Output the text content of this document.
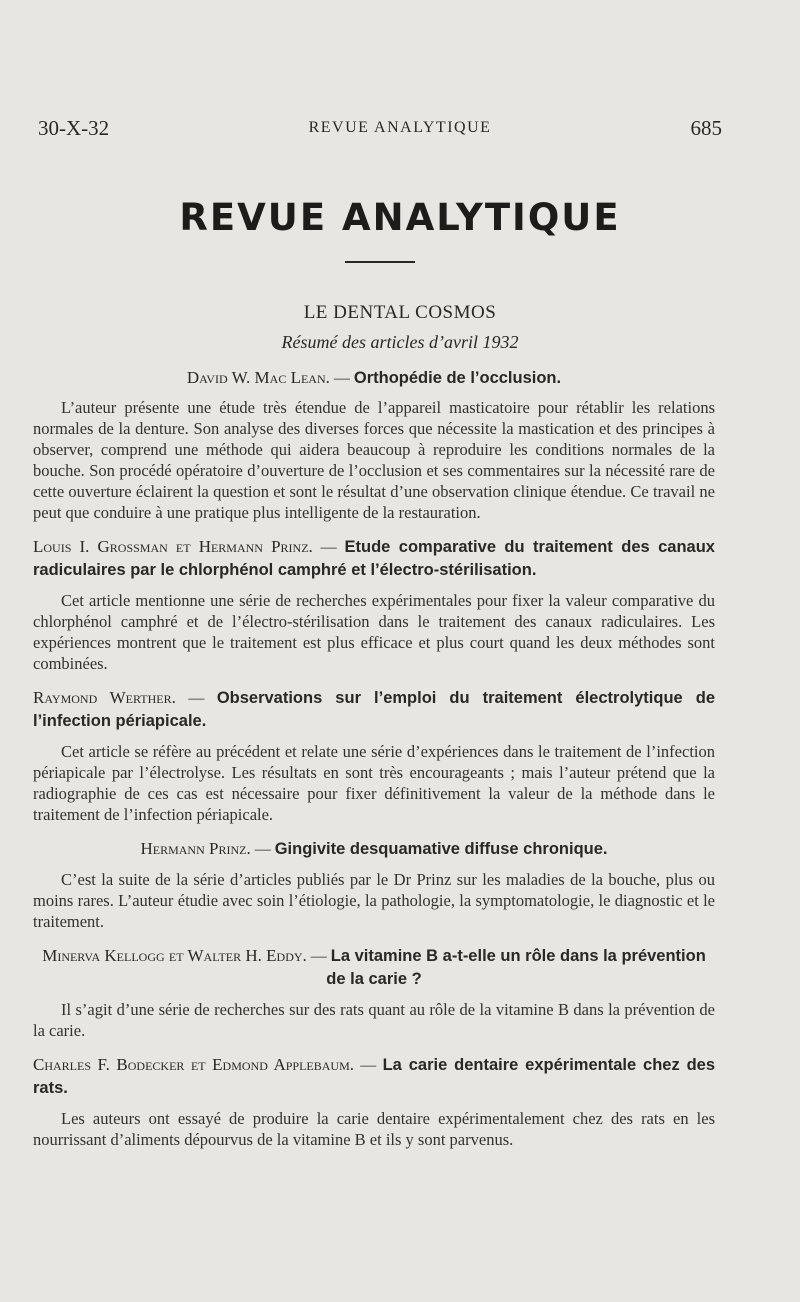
30-X-32	REVUE ANALYTIQUE	685
REVUE ANALYTIQUE
LE DENTAL COSMOS
Résumé des articles d’avril 1932

David W. Mac Lean. — Orthopédie de l’occlusion.

L’auteur présente une étude très étendue de l’appareil masticatoire pour rétablir les relations normales de la denture. Son analyse des diverses forces que nécessite la mastication et des principes à observer, comprend une méthode qui aidera beaucoup à reproduire les conditions normales de la bouche. Son procédé opératoire d’ouverture de l’occlusion et ses commentaires sur la nécessité rare de cette ouverture éclairent la question et sont le résultat d’une observation clinique étendue. Ce travail ne peut que conduire à une pratique plus intelligente de la restauration.

Louis I. Grossman et Hermann Prinz. — Etude comparative du traitement des canaux radiculaires par le chlorphénol camphré et l’électro-stérilisation.

Cet article mentionne une série de recherches expérimentales pour fixer la valeur comparative du chlorphénol camphré et de l’électro-stérilisation dans le traitement des canaux radiculaires. Les expériences montrent que le traitement est plus efficace et plus court quand les deux méthodes sont combinées.

Raymond Werther. — Observations sur l’emploi du traitement électrolytique de l’infection périapicale.

Cet article se réfère au précédent et relate une série d’expériences dans le traitement de l’infection périapicale par l’électrolyse. Les résultats en sont très encourageants ; mais l’auteur prétend que la radiographie de ces cas est nécessaire pour fixer définitivement la valeur de la méthode dans le traitement de l’infection périapicale.

Hermann Prinz. — Gingivite desquamative diffuse chronique.

C’est la suite de la série d’articles publiés par le Dr Prinz sur les maladies de la bouche, plus ou moins rares. L’auteur étudie avec soin l’étiologie, la pathologie, la symptomatologie, le diagnostic et le traitement.

Minerva Kellogg et Walter H. Eddy. — La vitamine B a-t-elle un rôle dans la prévention de la carie ?

Il s’agit d’une série de recherches sur des rats quant au rôle de la vitamine B dans la prévention de la carie.

Charles F. Bodecker et Edmond Applebaum. — La carie dentaire expérimentale chez des rats.

Les auteurs ont essayé de produire la carie dentaire expérimentalement chez des rats en les nourrissant d’aliments dépourvus de la vitamine B et ils y sont parvenus.
